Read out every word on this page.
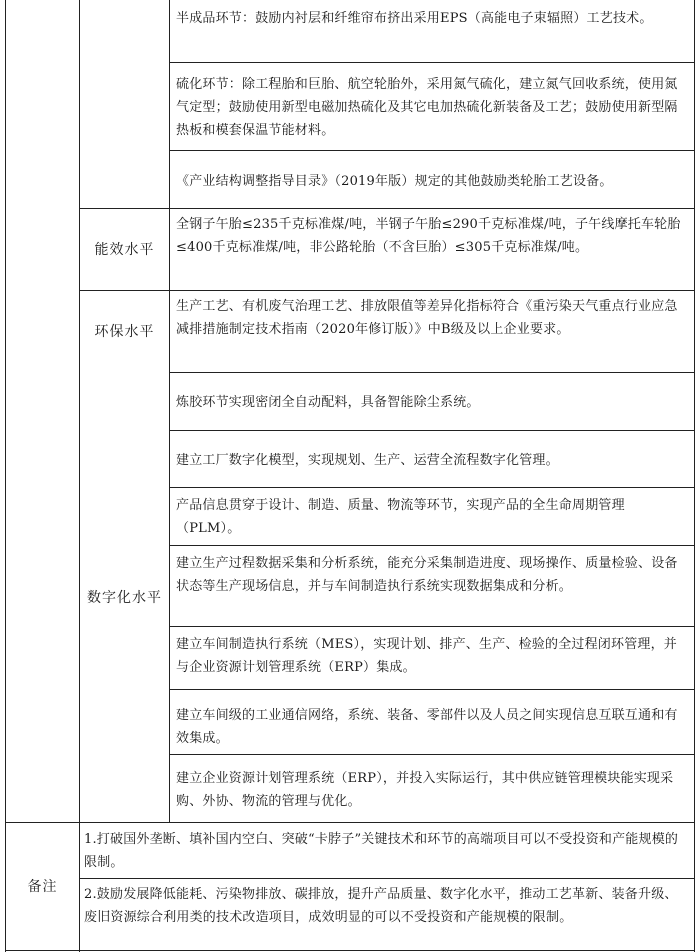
半成品环节：鼓励内衬层和纤维帘布挤出采用EPS（高能电子束辐照）工艺技术。
硫化环节：除工程胎和巨胎、航空轮胎外，采用氮气硫化，建立氮气回收系统，使用氮气定型；鼓励使用新型电磁加热硫化及其它电加热硫化新装备及工艺；鼓励使用新型隔热板和模套保温节能材料。
《产业结构调整指导目录》（2019年版）规定的其他鼓励类轮胎工艺设备。
全钢子午胎≤235千克标准煤/吨，半钢子午胎≤290千克标准煤/吨，子午线摩托车轮胎≤400千克标准煤/吨，非公路轮胎（不含巨胎）≤305千克标准煤/吨。
生产工艺、有机废气治理工艺、排放限值等差异化指标符合《重污染天气重点行业应急减排措施制定技术指南（2020年修订版）》中B级及以上企业要求。
炼胶环节实现密闭全自动配料，具备智能除尘系统。
建立工厂数字化模型，实现规划、生产、运营全流程数字化管理。
产品信息贯穿于设计、制造、质量、物流等环节，实现产品的全生命周期管理（PLM）。
建立生产过程数据采集和分析系统，能充分采集制造进度、现场操作、质量检验、设备状态等生产现场信息，并与车间制造执行系统实现数据集成和分析。
建立车间制造执行系统（MES），实现计划、排产、生产、检验的全过程闭环管理，并与企业资源计划管理系统（ERP）集成。
建立车间级的工业通信网络，系统、装备、零部件以及人员之间实现信息互联互通和有效集成。
建立企业资源计划管理系统（ERP），并投入实际运行，其中供应链管理模块能实现采购、外协、物流的管理与优化。
能效水平
环保水平
数字化水平
备注
1.打破国外垄断、填补国内空白、突破“卡脖子”关键技术和环节的高端项目可以不受投资和产能规模的限制。
2.鼓励发展降低能耗、污染物排放、碳排放，提升产品质量、数字化水平，推动工艺革新、装备升级、废旧资源综合利用类的技术改造项目，成效明显的可以不受投资和产能规模的限制。
